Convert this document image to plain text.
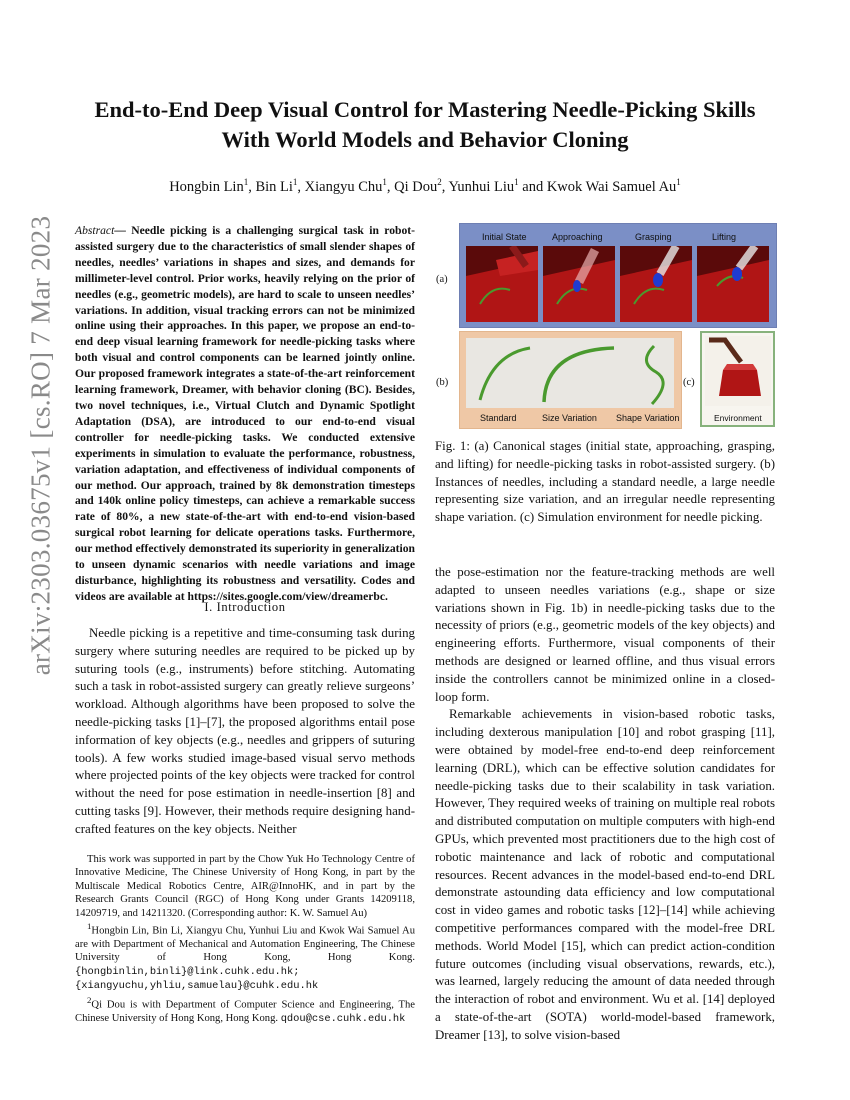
arXiv:2303.03675v1 [cs.RO] 7 Mar 2023
End-to-End Deep Visual Control for Mastering Needle-Picking Skills
With World Models and Behavior Cloning
Hongbin Lin$^1$, Bin Li$^1$, Xiangyu Chu$^1$, Qi Dou$^2$, Yunhui Liu$^1$ and Kwok Wai Samuel Au$^1$
Abstract— Needle picking is a challenging surgical task in robot-assisted surgery due to the characteristics of small slender shapes of needles, needles’ variations in shapes and sizes, and demands for millimeter-level control. Prior works, heavily relying on the prior of needles (e.g., geometric models), are hard to scale to unseen needles’ variations. In addition, visual tracking errors can not be minimized online using their approaches. In this paper, we propose an end-to-end deep visual learning framework for needle-picking tasks where both visual and control components can be learned jointly online. Our proposed framework integrates a state-of-the-art reinforcement learning framework, Dreamer, with behavior cloning (BC). Besides, two novel techniques, i.e., Virtual Clutch and Dynamic Spotlight Adaptation (DSA), are introduced to our end-to-end visual controller for needle-picking tasks. We conducted extensive experiments in simulation to evaluate the performance, robustness, variation adaptation, and effectiveness of individual components of our method. Our approach, trained by 8k demonstration timesteps and 140k online policy timesteps, can achieve a remarkable success rate of 80%, a new state-of-the-art with end-to-end vision-based surgical robot learning for delicate operations tasks. Furthermore, our method effectively demonstrated its superiority in generalization to unseen dynamic scenarios with needle variations and image disturbance, highlighting its robustness and versatility. Codes and videos are available at https://sites.google.com/view/dreamerbc.
I. Introduction

Needle picking is a repetitive and time-consuming task during surgery where suturing needles are required to be picked up by suturing tools (e.g., instruments) before stitching. Automating such a task in robot-assisted surgery can greatly relieve surgeons’ workload. Although algorithms have been proposed to solve the needle-picking tasks [1]–[7], the proposed algorithms entail pose information of key objects (e.g., needles and grippers of suturing tools). A few works studied image-based visual servo methods where projected points of the key objects were tracked for control without the need for pose estimation in needle-insertion [8] and cutting tasks [9]. However, their methods require designing hand-crafted features on the key objects. Neither

This work was supported in part by the Chow Yuk Ho Technology Centre of Innovative Medicine, The Chinese University of Hong Kong, in part by the Multiscale Medical Robotics Centre, AIR@InnoHK, and in part by the Research Grants Council (RGC) of Hong Kong under Grants 14209118, 14209719, and 14211320. (Corresponding author: K. W. Samuel Au)

$^1$Hongbin Lin, Bin Li, Xiangyu Chu, Yunhui Liu and Kwok Wai Samuel Au are with Department of Mechanical and Automation Engineering, The Chinese University of Hong Kong, Hong Kong. {hongbinlin,binli}@link.cuhk.edu.hk; {xiangyuchu,yhliu,samuelau}@cuhk.edu.hk

$^2$Qi Dou is with Department of Computer Science and Engineering, The Chinese University of Hong Kong, Hong Kong. qdou@cse.cuhk.edu.hk

(a)
(b)	(c)
Initial State	Approaching	Grasping	Lifting
Standard	Size Variation Shape Variation	Environment
Fig. 1: (a) Canonical stages (initial state, approaching, grasping, and lifting) for needle-picking tasks in robot-assisted surgery. (b) Instances of needles, including a standard needle, a large needle representing size variation, and an irregular needle representing shape variation. (c) Simulation environment for needle picking.

the pose-estimation nor the feature-tracking methods are well adapted to unseen needles variations (e.g., shape or size variations shown in Fig. 1b) in needle-picking tasks due to the necessity of priors (e.g., geometric models of the key objects) and engineering efforts. Furthermore, visual components of their methods are designed or learned offline, and thus visual errors inside the controllers cannot be minimized online in a closed-loop form.

Remarkable achievements in vision-based robotic tasks, including dexterous manipulation [10] and robot grasping [11], were obtained by model-free end-to-end deep reinforcement learning (DRL), which can be effective solution candidates for needle-picking tasks due to their scalability in task variation. However, They required weeks of training on multiple real robots and distributed computation on multiple computers with high-end GPUs, which prevented most practitioners due to the high cost of robotic maintenance and lack of robotic and computational resources. Recent advances in the model-based end-to-end DRL demonstrate astounding data efficiency and low computational cost in video games and robotic tasks [12]–[14] while achieving competitive performances compared with the model-free DRL methods. World Model [15], which can predict action-condition future outcomes (including visual observations, rewards, etc.), was learned, largely reducing the amount of data needed through the interaction of robot and environment. Wu et al. [14] deployed a state-of-the-art (SOTA) world-model-based framework, Dreamer [13], to solve vision-based
